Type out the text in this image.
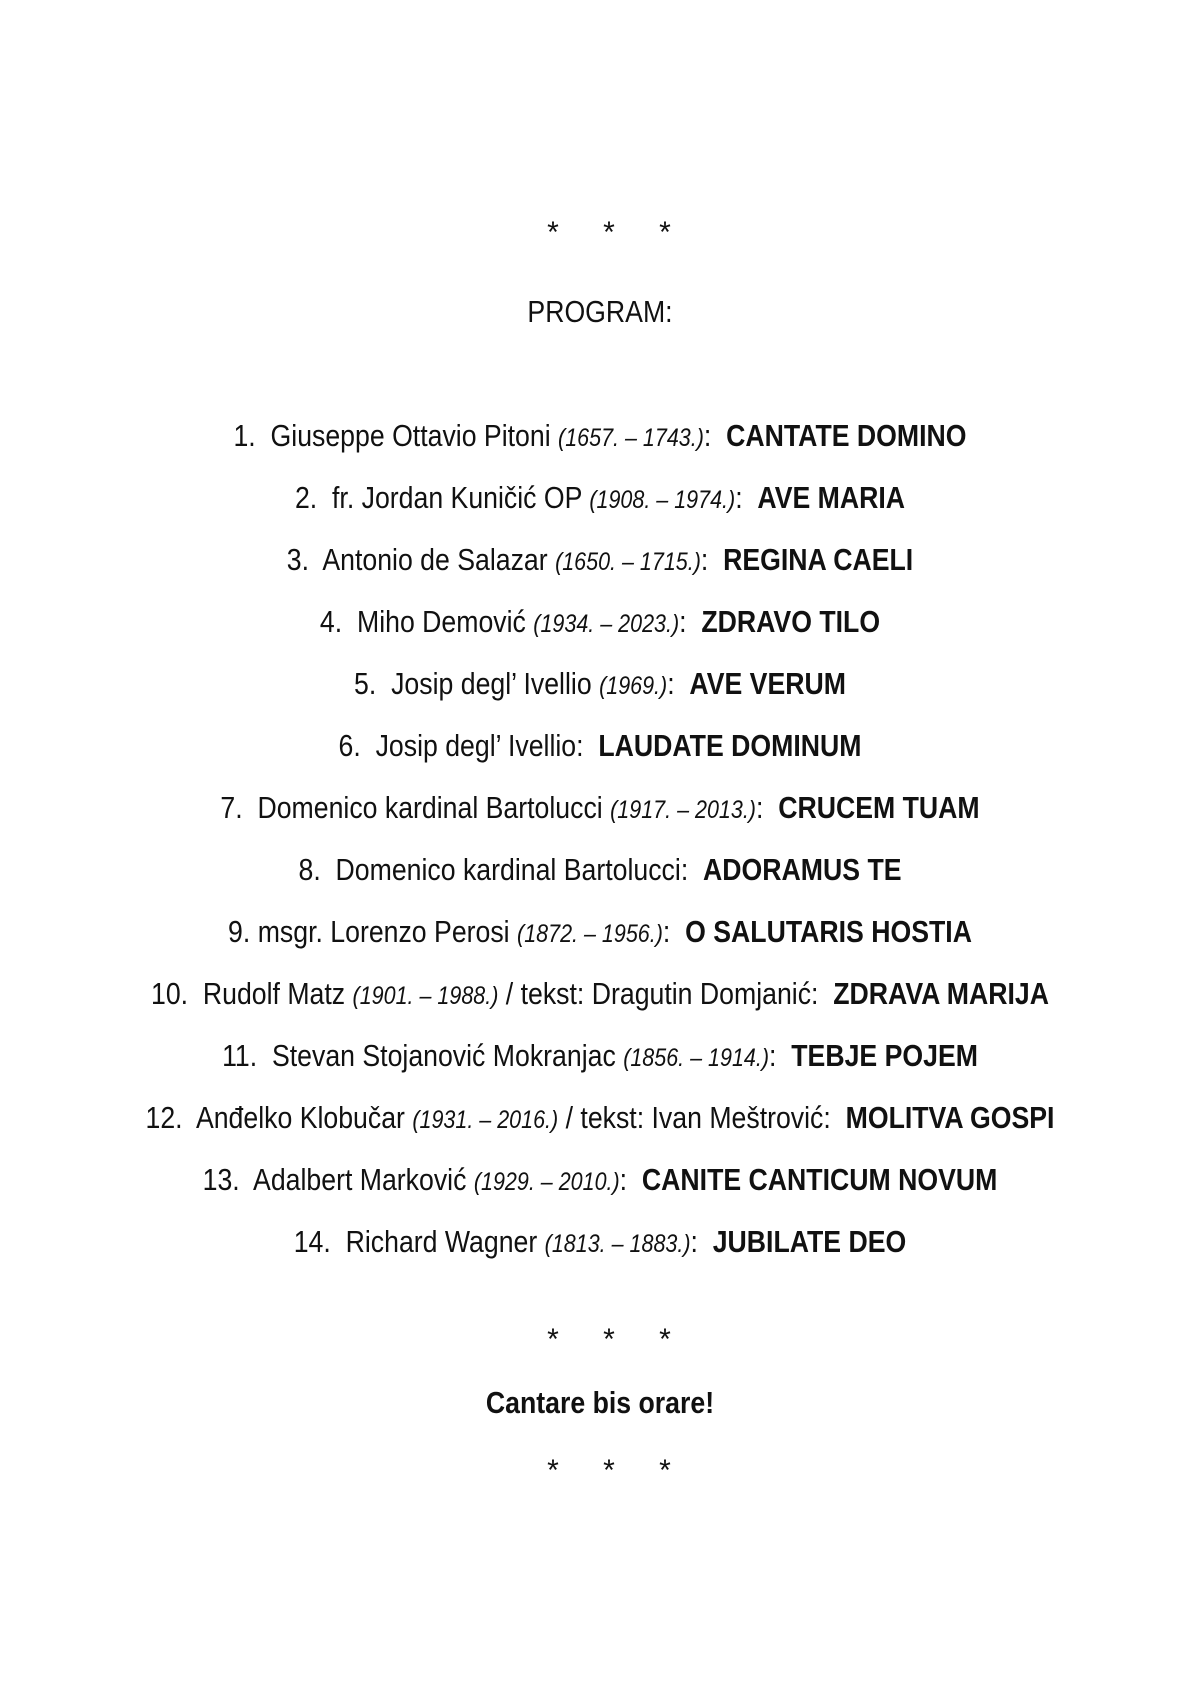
* * *
PROGRAM:
1. Giuseppe Ottavio Pitoni (1657. – 1743.):  CANTATE DOMINO
2. fr. Jordan Kuničić OP (1908. – 1974.):  AVE MARIA
3. Antonio de Salazar (1650. – 1715.):  REGINA CAELI
4. Miho Demović (1934. – 2023.):  ZDRAVO TILO
5. Josip degl’ Ivellio (1969.):  AVE VERUM
6. Josip degl’ Ivellio:  LAUDATE DOMINUM
7. Domenico kardinal Bartolucci (1917. – 2013.):  CRUCEM TUAM
8. Domenico kardinal Bartolucci:  ADORAMUS TE
9. msgr. Lorenzo Perosi (1872. – 1956.):  O SALUTARIS HOSTIA
10. Rudolf Matz (1901. – 1988.) / tekst: Dragutin Domjanić:  ZDRAVA MARIJA
11. Stevan Stojanović Mokranjac (1856. – 1914.):  TEBJE POJEM
12. Anđelko Klobučar (1931. – 2016.) / tekst: Ivan Meštrović:  MOLITVA GOSPI
13. Adalbert Marković (1929. – 2010.):  CANITE CANTICUM NOVUM
14. Richard Wagner (1813. – 1883.):  JUBILATE DEO
* * *
Cantare bis orare!
* * *
